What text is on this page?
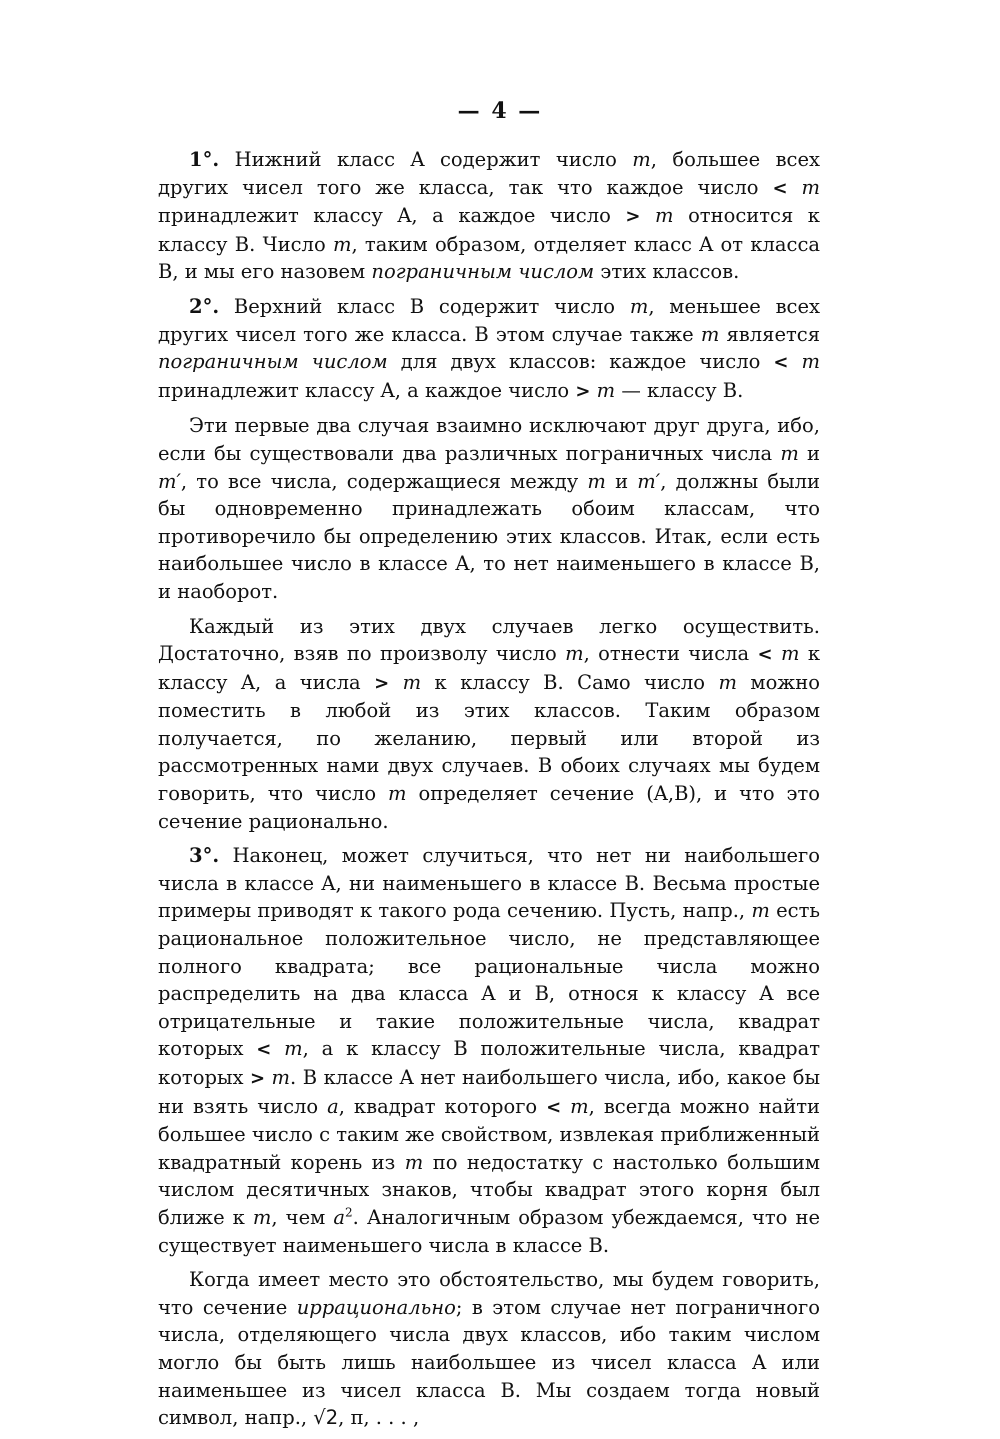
— 4 —

1°. Нижний класс A содержит число m, большее всех других чисел того же класса, так что каждое число < m принадлежит классу A, а каждое число > m относится к классу B. Число m, таким образом, отделяет класс A от класса B, и мы его назовем пограничным числом этих классов.

2°. Верхний класс B содержит число m, меньшее всех других чисел того же класса. В этом случае также m является пограничным числом для двух классов: каждое число < m принадлежит классу A, а каждое число > m — классу B.

Эти первые два случая взаимно исключают друг друга, ибо, если бы существовали два различных пограничных числа m и m′, то все числа, содержащиеся между m и m′, должны были бы одновременно принадлежать обоим классам, что противоречило бы определению этих классов. Итак, если есть наибольшее число в классе A, то нет наименьшего в классе B, и наоборот.

Каждый из этих двух случаев легко осуществить. Достаточно, взяв по произволу число m, отнести числа < m к классу A, а числа > m к классу B. Само число m можно поместить в любой из этих классов. Таким образом получается, по желанию, первый или второй из рассмотренных нами двух случаев. В обоих случаях мы будем говорить, что число m определяет сечение (A,B), и что это сечение рационально.

3°. Наконец, может случиться, что нет ни наибольшего числа в классе A, ни наименьшего в классе B. Весьма простые примеры приводят к такого рода сечению. Пусть, напр., m есть рациональное положительное число, не представляющее полного квадрата; все рациональные числа можно распределить на два класса A и B, относя к классу A все отрицательные и такие положительные числа, квадрат которых < m, а к классу B положительные числа, квадрат которых > m. В классе A нет наибольшего числа, ибо, какое бы ни взять число a, квадрат которого < m, всегда можно найти большее число с таким же свойством, извлекая приближенный квадратный корень из m по недостатку с настолько большим числом десятичных знаков, чтобы квадрат этого корня был ближе к m, чем $a^2$. Аналогичным образом убеждаемся, что не существует наименьшего числа в классе B.

Когда имеет место это обстоятельство, мы будем говорить, что сечение иррационально; в этом случае нет пограничного числа, отделяющего числа двух классов, ибо таким числом могло бы быть лишь наибольшее из чисел класса A или наименьшее из чисел класса B. Мы создаем тогда новый символ, напр., √2, π, . . . ,
